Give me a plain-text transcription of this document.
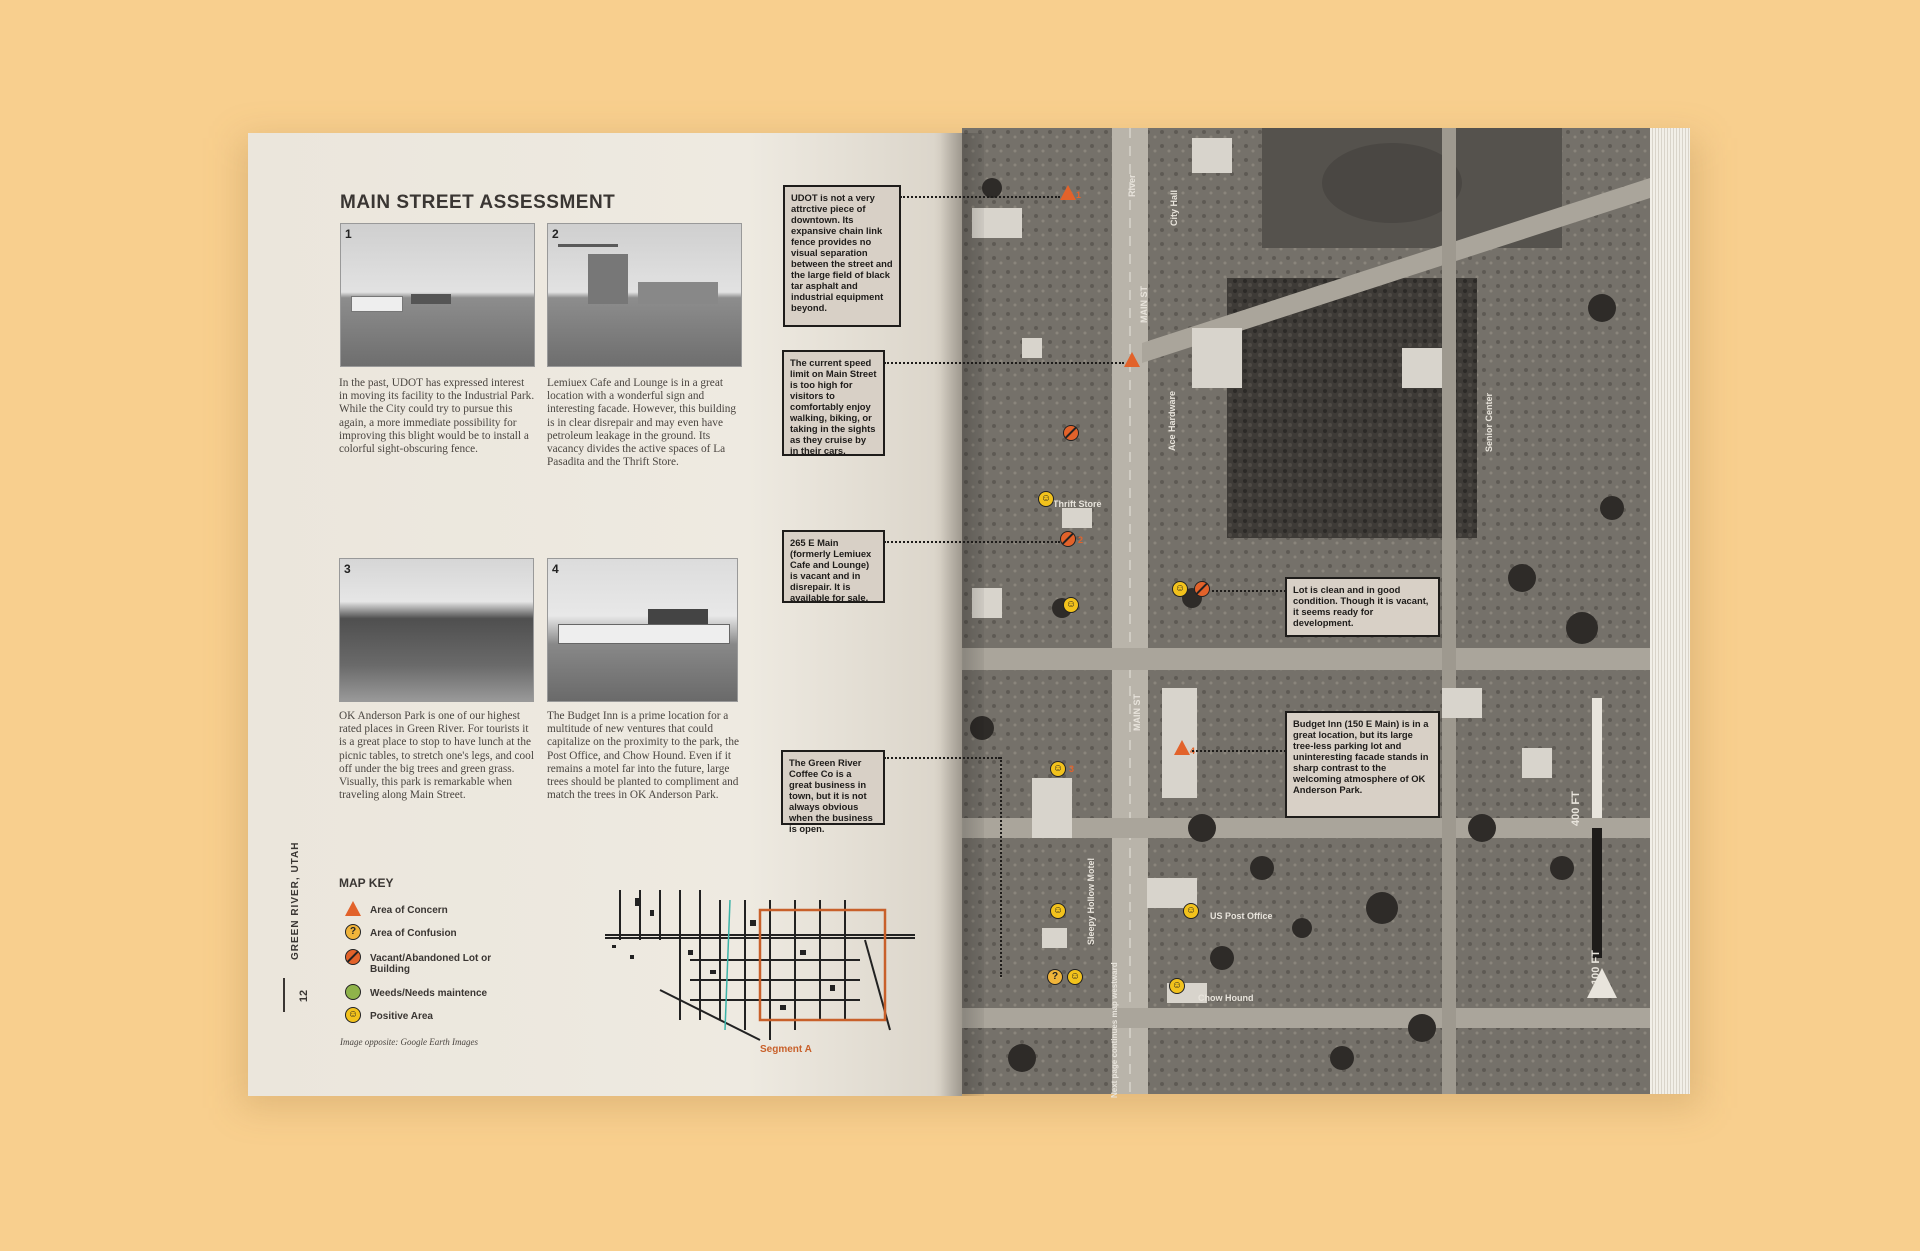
MAIN STREET ASSESSMENT
1
In the past, UDOT has expressed interest in moving its facility to the Industrial Park. While the City could try to pursue this again, a more immediate possibility for improving this blight would be to install a colorful sight-obscuring fence.
2
Lemiuex Cafe and Lounge is in a great location with a wonderful sign and interesting facade. However, this building is in clear disrepair and may even have petroleum leakage in the ground. Its vacancy divides the active spaces of La Pasadita and the Thrift Store.
3
OK Anderson Park is one of our highest rated places in Green River. For tourists it is a great place to stop to have lunch at the picnic tables, to stretch one's legs, and cool off under the big trees and green grass. Visually, this park is remarkable when traveling along Main Street.
4
The Budget Inn is a prime location for a multitude of new ventures that could capitalize on the proximity to the park, the Post Office, and Chow Hound. Even if it remains a motel far into the future, large trees should be planted to compliment and match the trees in OK Anderson Park.
GREEN RIVER, UTAH
12
MAP KEY
Area of Concern
?	Area of Confusion
Vacant/Abandoned Lot or Building
Weeds/Needs maintence
☺ Positive Area
Image opposite: Google Earth Images
Segment A
River
City Hall
MAIN ST
MAIN ST
Ace Hardware	Senior Center
Thrift Store
Sleepy Hollow Motel	US Post Office
Chow Hound
Next page continues map westward
400 FT
100 FT
☺
☺
☺
☺
☺	☺
?	☺
☺
1
2
3
4
UDOT is not a very attrctive piece of downtown. Its expansive chain link fence provides no visual separation between the street and the large field of black tar asphalt and industrial equipment beyond.
The current speed limit on Main Street is too high for visitors to comfortably enjoy walking, biking, or taking in the sights as they cruise by in their cars.
265 E Main (formerly Lemiuex Cafe and Lounge) is vacant and in disrepair. It is available for sale.
The Green River Coffee Co is a great business in town, but it is not always obvious when the business is open.
Lot is clean and in good condition. Though it is vacant, it seems ready for development.
Budget Inn (150 E Main) is in a great location, but its large tree-less parking lot and uninteresting facade stands in sharp contrast to the welcoming atmosphere of OK Anderson Park.
